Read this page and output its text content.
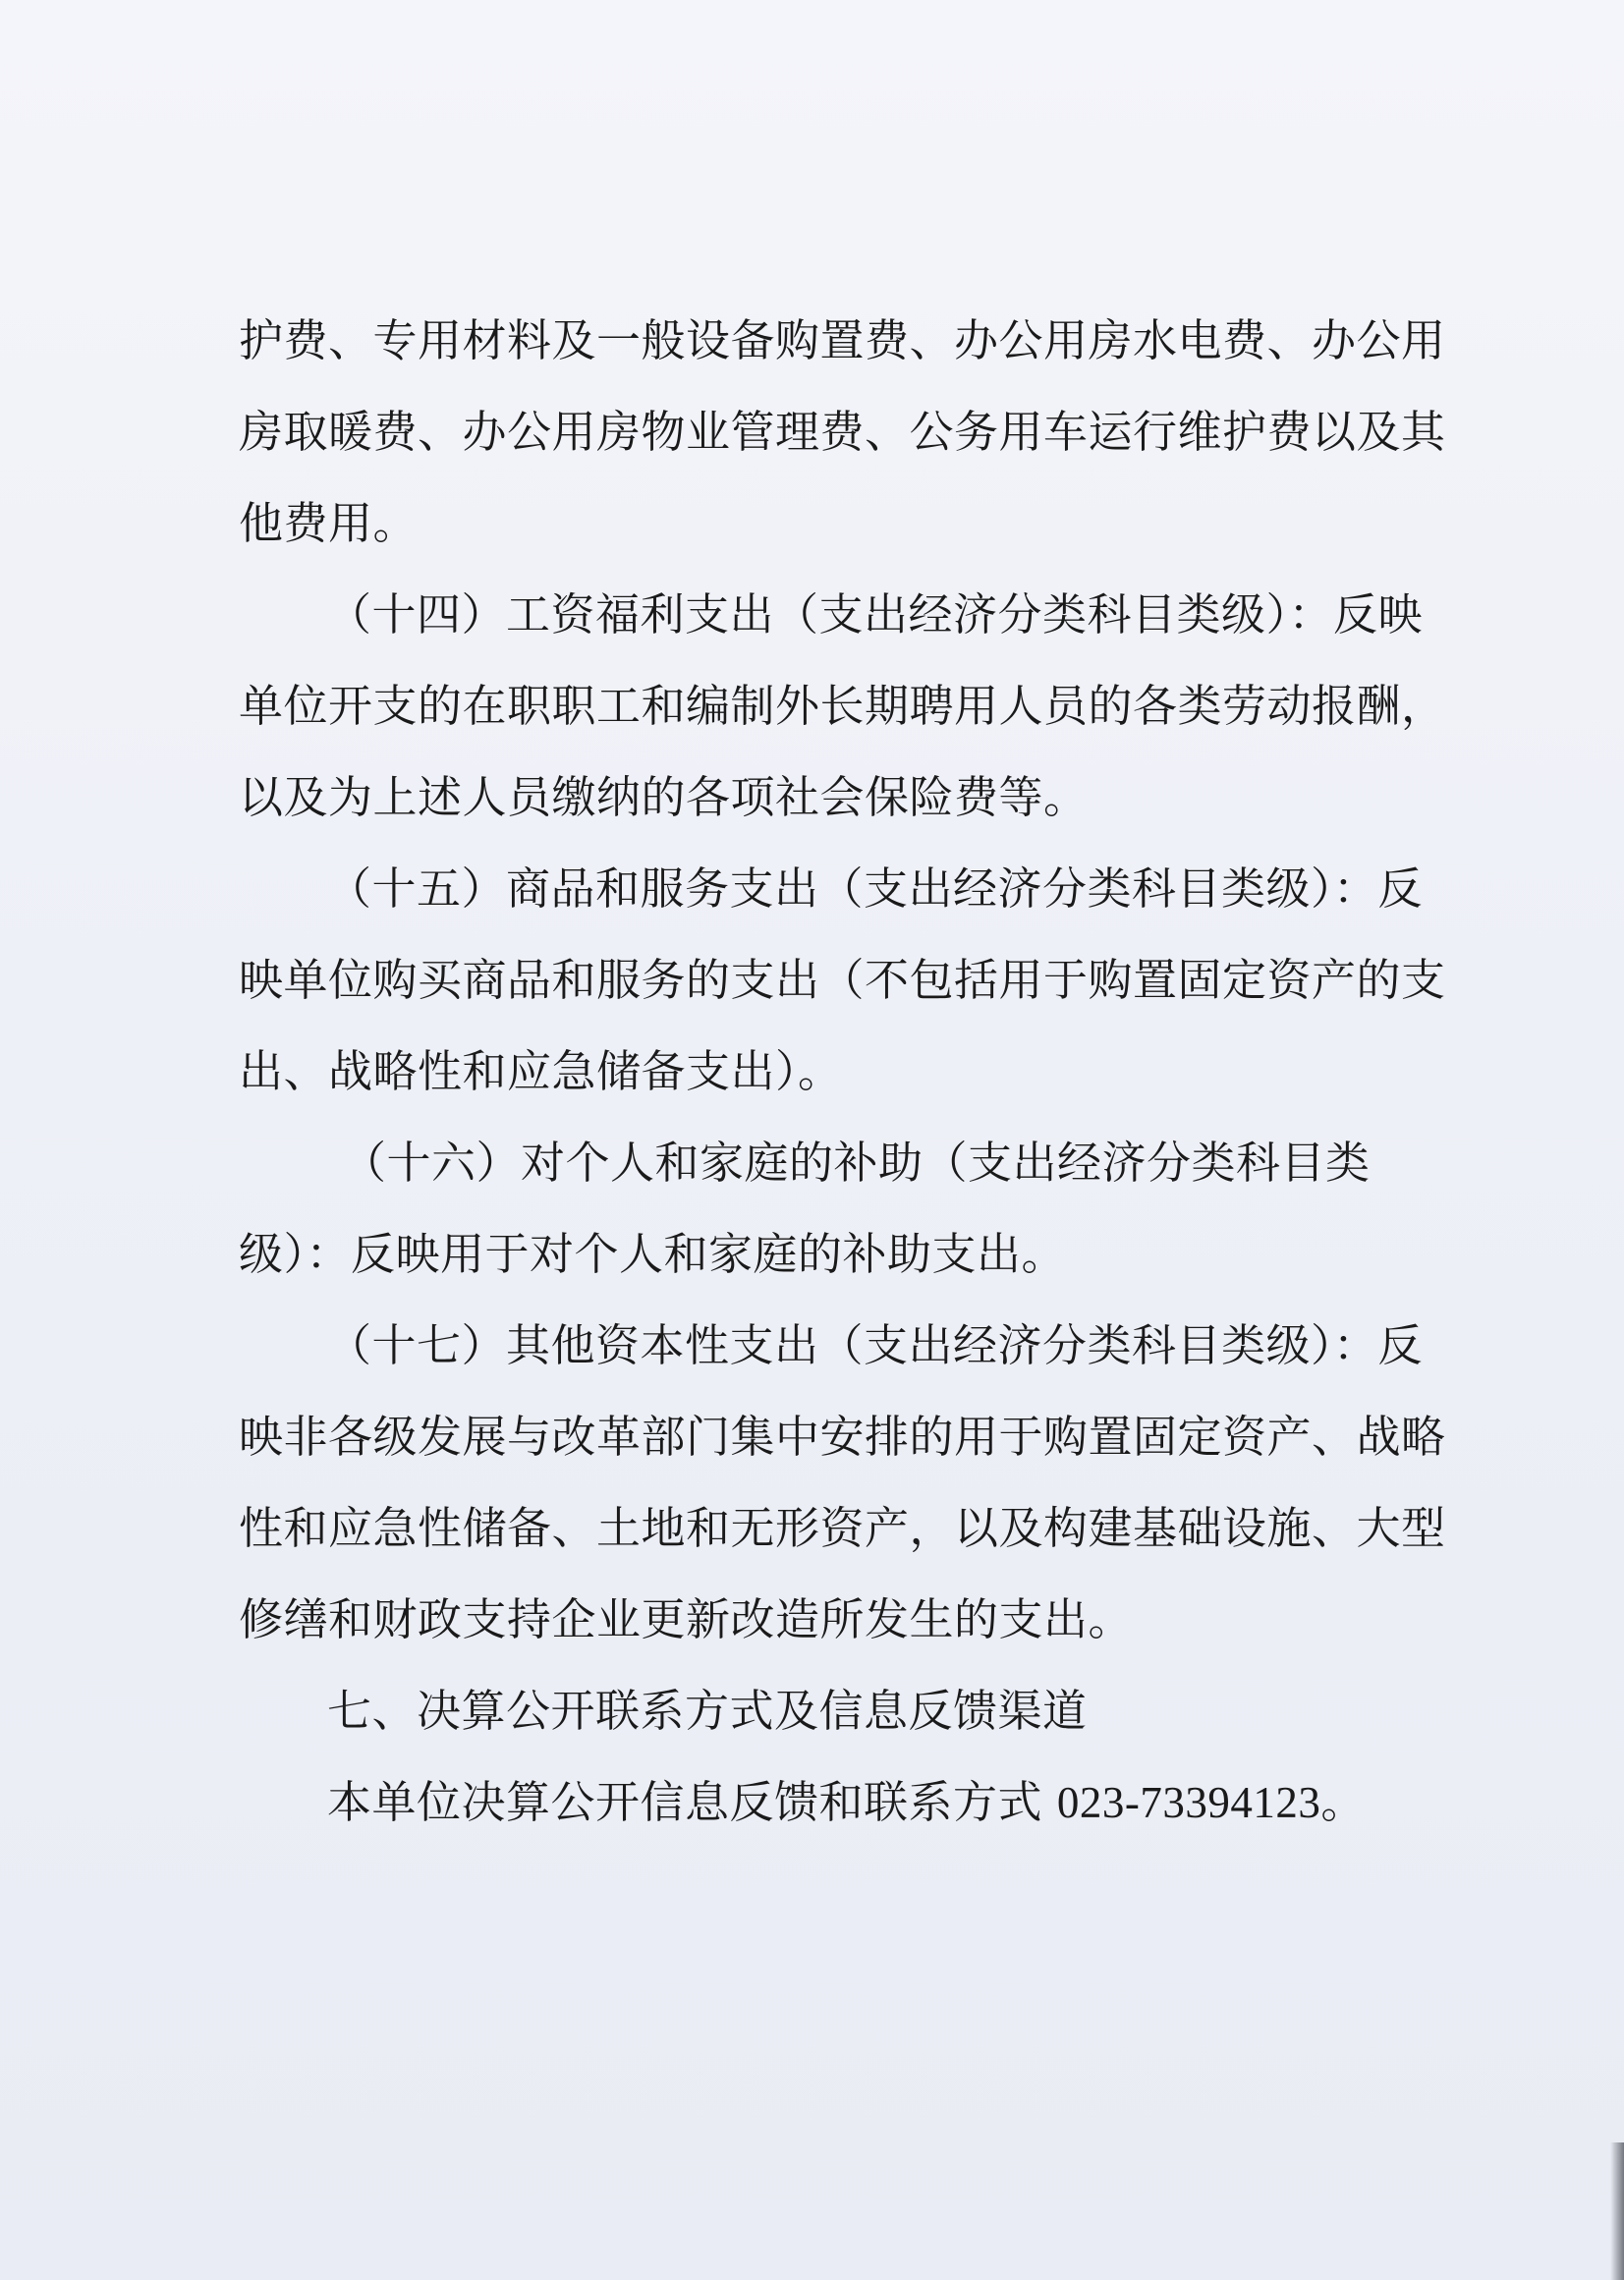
护费、专用材料及一般设备购置费、办公用房水电费、办公用房取暖费、办公用房物业管理费、公务用车运行维护费以及其他费用。

（十四）工资福利支出（支出经济分类科目类级）：反映单位开支的在职职工和编制外长期聘用人员的各类劳动报酬，以及为上述人员缴纳的各项社会保险费等。

（十五）商品和服务支出（支出经济分类科目类级）：反映单位购买商品和服务的支出（不包括用于购置固定资产的支出、战略性和应急储备支出）。

（十六）对个人和家庭的补助（支出经济分类科目类级）：反映用于对个人和家庭的补助支出。

（十七）其他资本性支出（支出经济分类科目类级）：反映非各级发展与改革部门集中安排的用于购置固定资产、战略性和应急性储备、土地和无形资产，以及构建基础设施、大型修缮和财政支持企业更新改造所发生的支出。

七、决算公开联系方式及信息反馈渠道

本单位决算公开信息反馈和联系方式 023-73394123。
